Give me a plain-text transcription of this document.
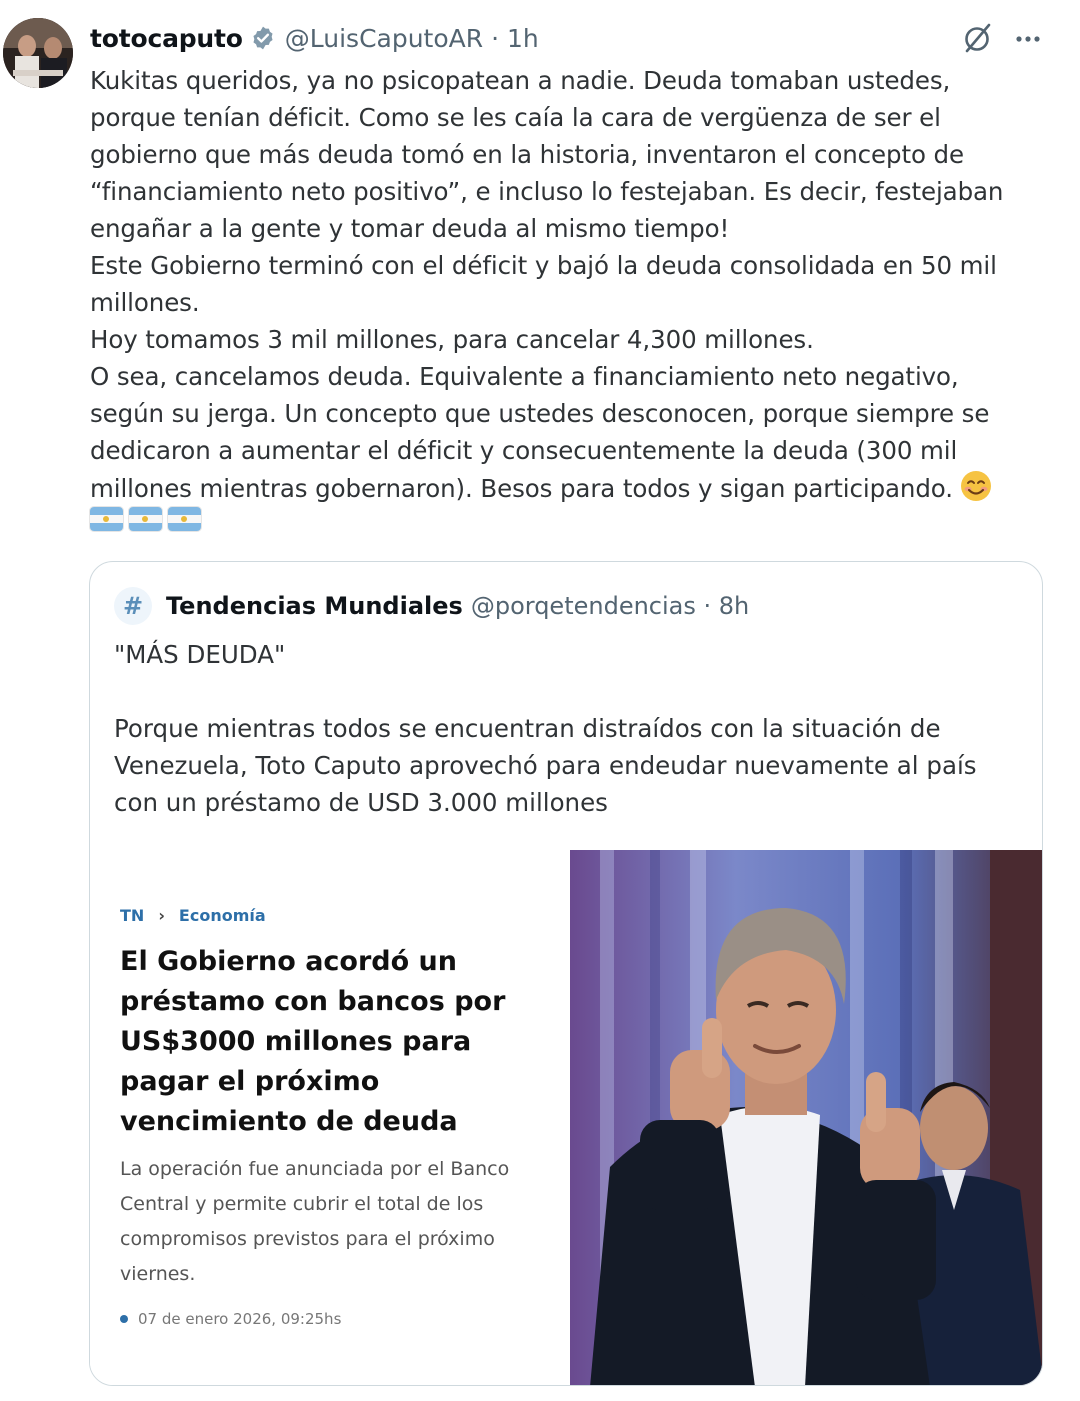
totocaputo @LuisCaputoAR · 1h
Kukitas queridos, ya no psicopatean a nadie. Deuda tomaban ustedes,
porque tenían déficit. Como se les caía la cara de vergüenza de ser el
gobierno que más deuda tomó en la historia, inventaron el concepto de
“financiamiento neto positivo”, e incluso lo festejaban. Es decir, festejaban
engañar a la gente y tomar deuda al mismo tiempo!
Este Gobierno terminó con el déficit y bajó la deuda consolidada en 50 mil
millones.
Hoy tomamos 3 mil millones, para cancelar 4,300 millones.
O sea, cancelamos deuda. Equivalente a financiamiento neto negativo,
según su jerga. Un concepto que ustedes desconocen, porque siempre se
dedicaron a aumentar el déficit y consecuentemente la deuda (300 mil
millones mientras gobernaron). Besos para todos y sigan participando.
# Tendencias Mundiales @porqetendencias · 8h
"MÁS DEUDA"

Porque mientras todos se encuentran distraídos con la situación de
Venezuela, Toto Caputo aprovechó para endeudar nuevamente al país
con un préstamo de USD 3.000 millones
TN › Economía
El Gobierno acordó un préstamo con bancos por US$3000 millones para pagar el próximo vencimiento de deuda
La operación fue anunciada por el Banco Central y permite cubrir el total de los compromisos previstos para el próximo viernes.
07 de enero 2026, 09:25hs
